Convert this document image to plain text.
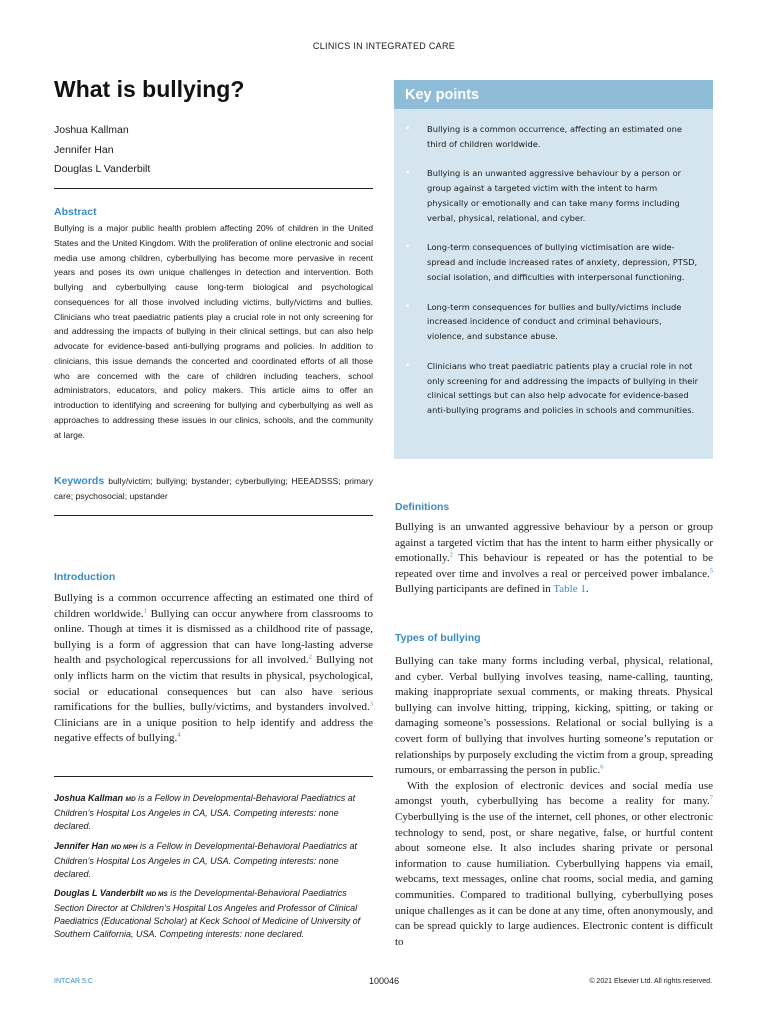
CLINICS IN INTEGRATED CARE
What is bullying?
Joshua Kallman
Jennifer Han
Douglas L Vanderbilt
Abstract

Bullying is a major public health problem affecting 20% of children in the United States and the United Kingdom. With the proliferation of online electronic and social media use among children, cyberbullying has become more pervasive in recent years and poses its own unique challenges in detection and intervention. Both bullying and cyberbullying cause long-term biological and psychological consequences for all those involved including victims, bully/victims and bullies. Clinicians who treat paediatric patients play a crucial role in not only screening for and addressing the impacts of bullying in their clinical settings, but can also help advocate for evidence-based anti-bullying programs and policies. In addition to clinicians, this issue demands the concerted and coordinated efforts of all those who are concerned with the care of children including teachers, school administrators, educators, and policy makers. This article aims to offer an introduction to identifying and screening for bullying and cyberbullying as well as approaches to addressing these issues in our clinics, schools, and the community at large.

Keywords bully/victim; bullying; bystander; cyberbullying; HEEADSSS; primary care; psychosocial; upstander

Introduction

Bullying is a common occurrence affecting an estimated one third of children worldwide.$^1$ Bullying can occur anywhere from classrooms to online. Though at times it is dismissed as a childhood rite of passage, bullying is a form of aggression that can have long-lasting adverse health and psychological repercussions for all involved.$^2$ Bullying not only inflicts harm on the victim that results in physical, psychological, social or educational consequences but can also have serious ramifications for the bullies, bully/victims, and bystanders involved.$^3$ Clinicians are in a unique position to help identify and address the negative effects of bullying.$^4$

Joshua Kallman MD is a Fellow in Developmental-Behavioral Paediatrics at Children’s Hospital Los Angeles in CA, USA. Competing interests: none declared.

Jennifer Han MD MPH is a Fellow in Developmental-Behavioral Paediatrics at Children’s Hospital Los Angeles in CA, USA. Competing interests: none declared.

Douglas L Vanderbilt MD MS is the Developmental-Behavioral Paediatrics Section Director at Children’s Hospital Los Angeles and Professor of Clinical Paediatrics (Educational Scholar) at Keck School of Medicine of University of Southern California, USA. Competing interests: none declared.

Key points
• Bullying is a common occurrence, affecting an estimated one third of children worldwide.
• Bullying is an unwanted aggressive behaviour by a person or group against a targeted victim with the intent to harm physically or emotionally and can take many forms including verbal, physical, relational, and cyber.
• Long-term consequences of bullying victimisation are wide-spread and include increased rates of anxiety, depression, PTSD, social isolation, and difficulties with interpersonal functioning.
• Long-term consequences for bullies and bully/victims include increased incidence of conduct and criminal behaviours, violence, and substance abuse.
• Clinicians who treat paediatric patients play a crucial role in not only screening for and addressing the impacts of bullying in their clinical settings but can also help advocate for evidence-based anti-bullying programs and policies in schools and communities.
Definitions

Bullying is an unwanted aggressive behaviour by a person or group against a targeted victim that has the intent to harm either physically or emotionally.$^2$ This behaviour is repeated or has the potential to be repeated over time and involves a real or perceived power imbalance.$^5$ Bullying participants are defined in Table 1.

Types of bullying

Bullying can take many forms including verbal, physical, relational, and cyber. Verbal bullying involves teasing, name-calling, taunting, making inappropriate sexual comments, or making threats. Physical bullying can involve hitting, tripping, kicking, spitting, or taking or damaging someone’s possessions. Relational or social bullying is a covert form of bullying that involves hurting someone’s reputation or relationships by purposely excluding the victim from a group, spreading rumours, or embarrassing the person in public.$^6$

With the explosion of electronic devices and social media use amongst youth, cyberbullying has become a reality for many.$^7$ Cyberbullying is the use of the internet, cell phones, or other electronic technology to send, post, or share negative, false, or hurtful content about someone else. It also includes sharing private or personal information to cause humiliation. Cyberbullying happens via email, webcams, text messages, online chat rooms, social media, and gaming communities. Compared to traditional bullying, cyberbullying poses unique challenges as it can be done at any time, often anonymously, and can be spread quickly to large audiences. Electronic content is difficult to

INTCAR 5:C	100046	© 2021 Elsevier Ltd. All rights reserved.
